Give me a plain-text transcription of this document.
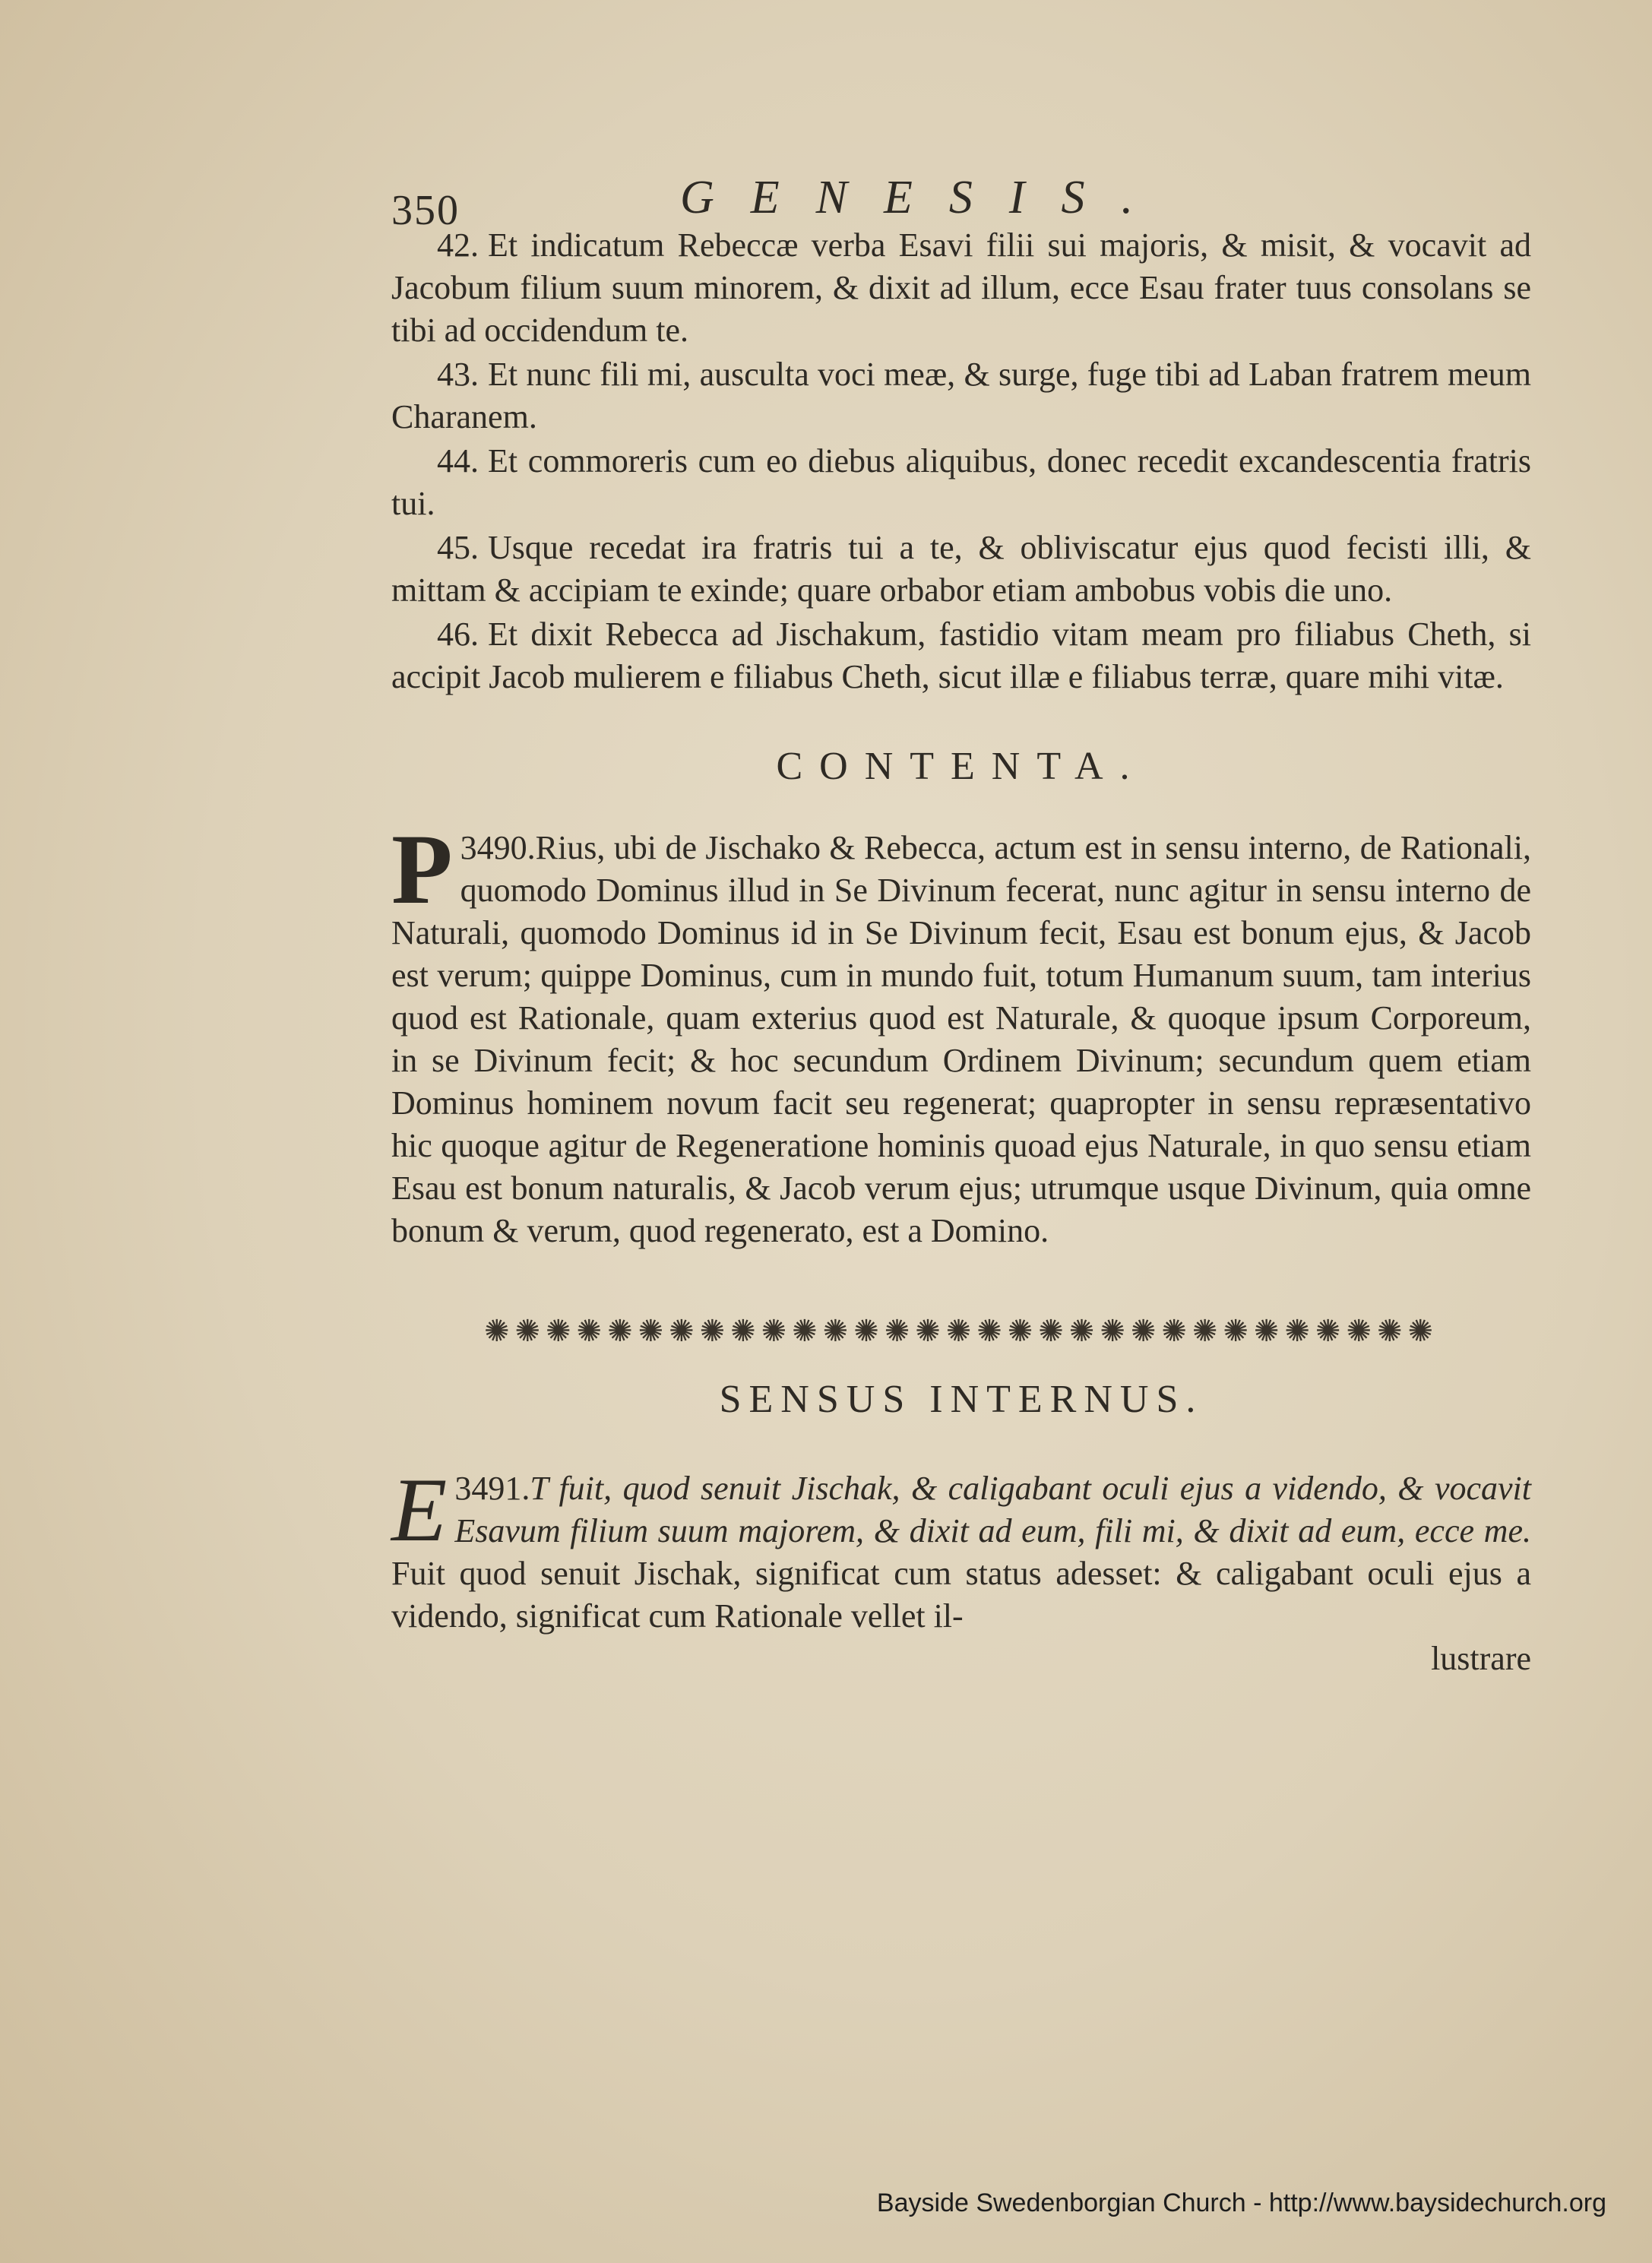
350	GENESIS.

42. Et indicatum Rebeccæ verba Esavi filii sui majoris, & misit, & vocavit ad Jacobum filium suum minorem, & dixit ad illum, ecce Esau frater tuus consolans se tibi ad occidendum te.

43. Et nunc fili mi, ausculta voci meæ, & surge, fuge tibi ad Laban fratrem meum Charanem.

44. Et commoreris cum eo diebus aliquibus, donec recedit excandescentia fratris tui.

45. Usque recedat ira fratris tui a te, & obliviscatur ejus quod fecisti illi, & mittam & accipiam te exinde; quare orbabor etiam ambobus vobis die uno.

46. Et dixit Rebecca ad Jischakum, fastidio vitam meam pro filiabus Cheth, si accipit Jacob mulierem e filiabus Cheth, sicut illæ e filiabus terræ, quare mihi vitæ.

CONTENTA.

3490.
P Rius, ubi de Jischako & Rebecca, actum est in sensu interno, de Rationali, quomodo Dominus illud in Se Divinum fecerat, nunc agitur in sensu interno de Naturali, quomodo Dominus id in Se Divinum fecit, Esau est bonum ejus, & Jacob est verum; quippe Dominus, cum in mundo fuit, totum Humanum suum, tam interius quod est Rationale, quam exterius quod est Naturale, & quoque ipsum Corporeum, in se Divinum fecit; & hoc secundum Ordinem Divinum; secundum quem etiam Dominus hominem novum facit seu regenerat; quapropter in sensu repræsentativo hic quoque agitur de Regeneratione hominis quoad ejus Naturale, in quo sensu etiam Esau est bonum naturalis, & Jacob verum ejus; utrumque usque Divinum, quia omne bonum & verum, quod regenerato, est a Domino.

✺✺✺✺✺✺✺✺✺✺✺✺✺✺✺✺✺✺✺✺✺✺✺✺✺✺✺✺✺✺✺
SENSUS INTERNUS.

3491.
E T fuit, quod senuit Jischak, & caligabant oculi ejus a videndo, & vocavit Esavum filium suum majorem, & dixit ad eum, fili mi, & dixit ad eum, ecce me. Fuit quod senuit Jischak, significat cum status adesset: & caligabant oculi ejus a videndo, significat cum Rationale vellet il-

lustrare
Bayside Swedenborgian Church - http://www.baysidechurch.org
